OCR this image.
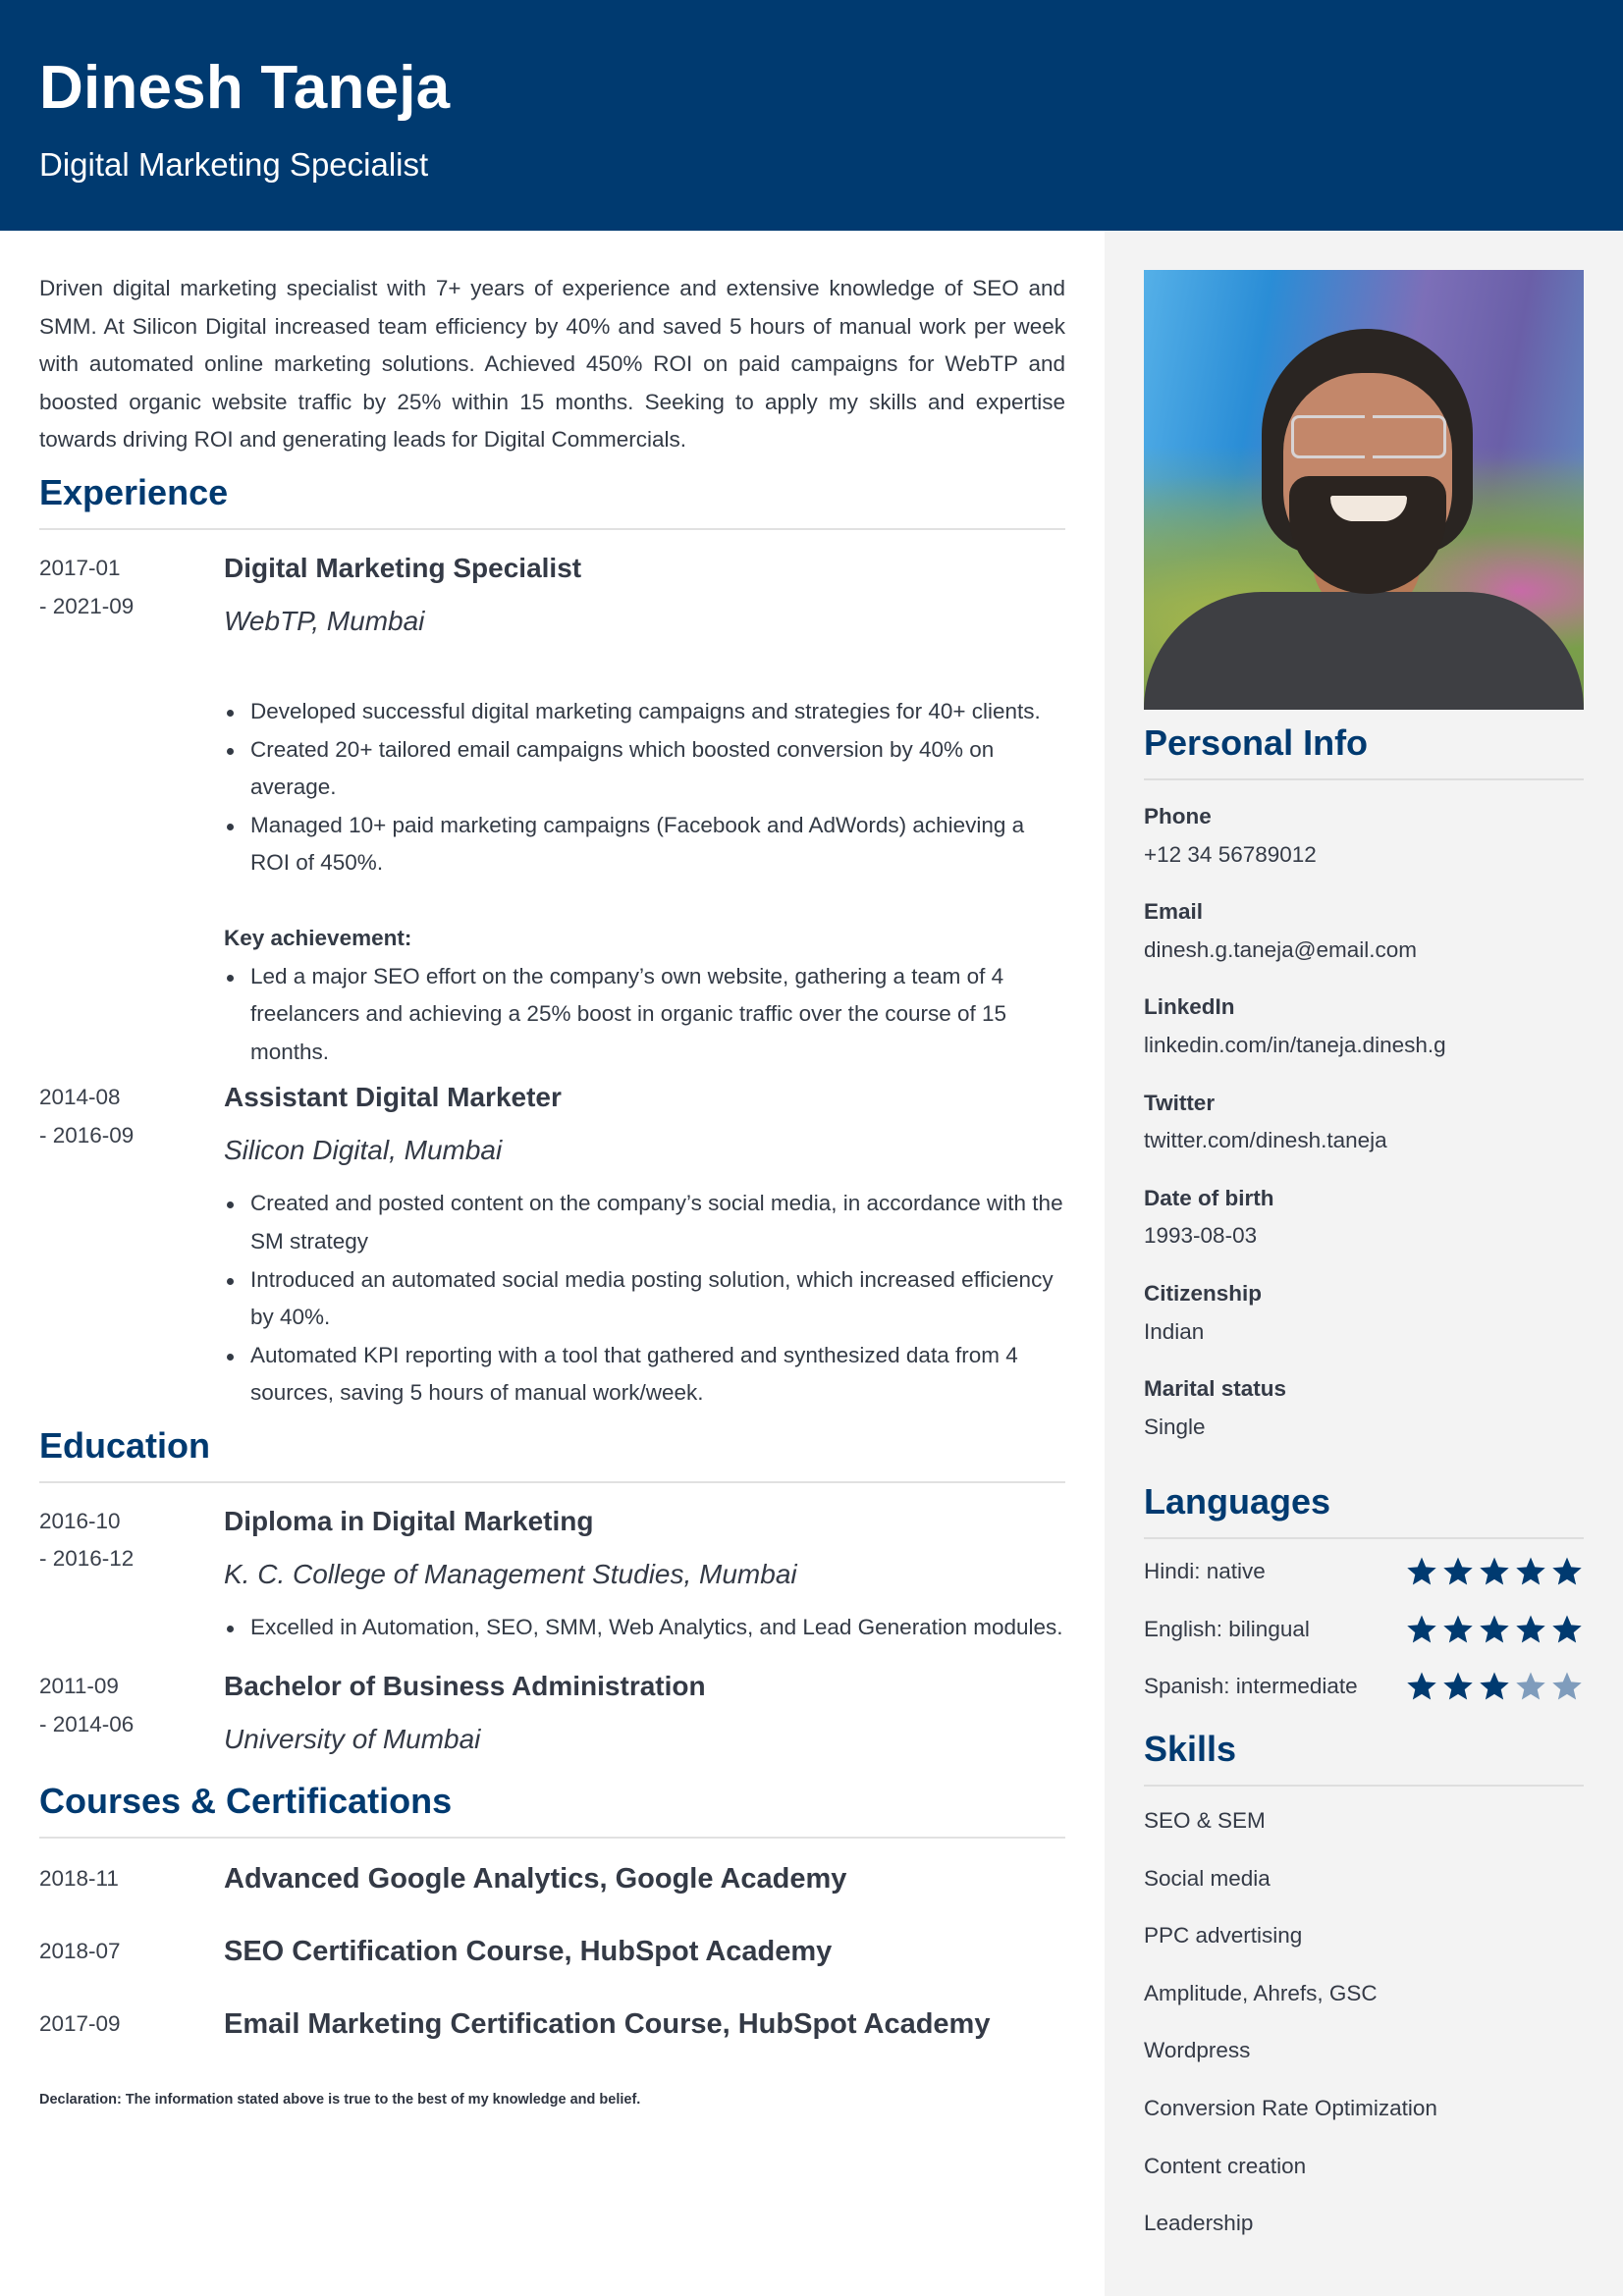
Dinesh Taneja
Digital Marketing Specialist
Personal Info
Phone
+12 34 56789012
Email
dinesh.g.taneja@email.com
LinkedIn
linkedin.com/in/taneja.dinesh.g
Twitter
twitter.com/dinesh.taneja
Date of birth
1993-08-03
Citizenship
Indian
Marital status
Single
Languages
Hindi: native
English: bilingual
Spanish: intermediate
Skills
SEO & SEM
Social media
PPC advertising
Amplitude, Ahrefs, GSC
Wordpress
Conversion Rate Optimization
Content creation
Leadership

Driven digital marketing specialist with 7+ years of experience and extensive knowledge of SEO and SMM. At Silicon Digital increased team efficiency by 40% and saved 5 hours of manual work per week with automated online marketing solutions. Achieved 450% ROI on paid campaigns for WebTP and boosted organic website traffic by 25% within 15 months. Seeking to apply my skills and expertise towards driving ROI and generating leads for Digital Commercials.

Experience
2017-01
- 2021-09
Digital Marketing Specialist
WebTP, Mumbai
Developed successful digital marketing campaigns and strategies for 40+ clients.
Created 20+ tailored email campaigns which boosted conversion by 40% on average.
Managed 10+ paid marketing campaigns (Facebook and AdWords) achieving a ROI of 450%.
Key achievement:
Led a major SEO effort on the company’s own website, gathering a team of 4 freelancers and achieving a 25% boost in organic traffic over the course of 15 months.
2014-08
- 2016-09
Assistant Digital Marketer
Silicon Digital, Mumbai
Created and posted content on the company’s social media, in accordance with the SM strategy
Introduced an automated social media posting solution, which increased efficiency by 40%.
Automated KPI reporting with a tool that gathered and synthesized data from 4 sources, saving 5 hours of manual work/week.
Education
2016-10
- 2016-12
Diploma in Digital Marketing
K. C. College of Management Studies, Mumbai
Excelled in Automation, SEO, SMM, Web Analytics, and Lead Generation modules.
2011-09
- 2014-06
Bachelor of Business Administration
University of Mumbai
Courses & Certifications
2018-11	Advanced Google Analytics, Google Academy
2018-07	SEO Certification Course, HubSpot Academy
2017-09	Email Marketing Certification Course, HubSpot Academy
Declaration: The information stated above is true to the best of my knowledge and belief.
